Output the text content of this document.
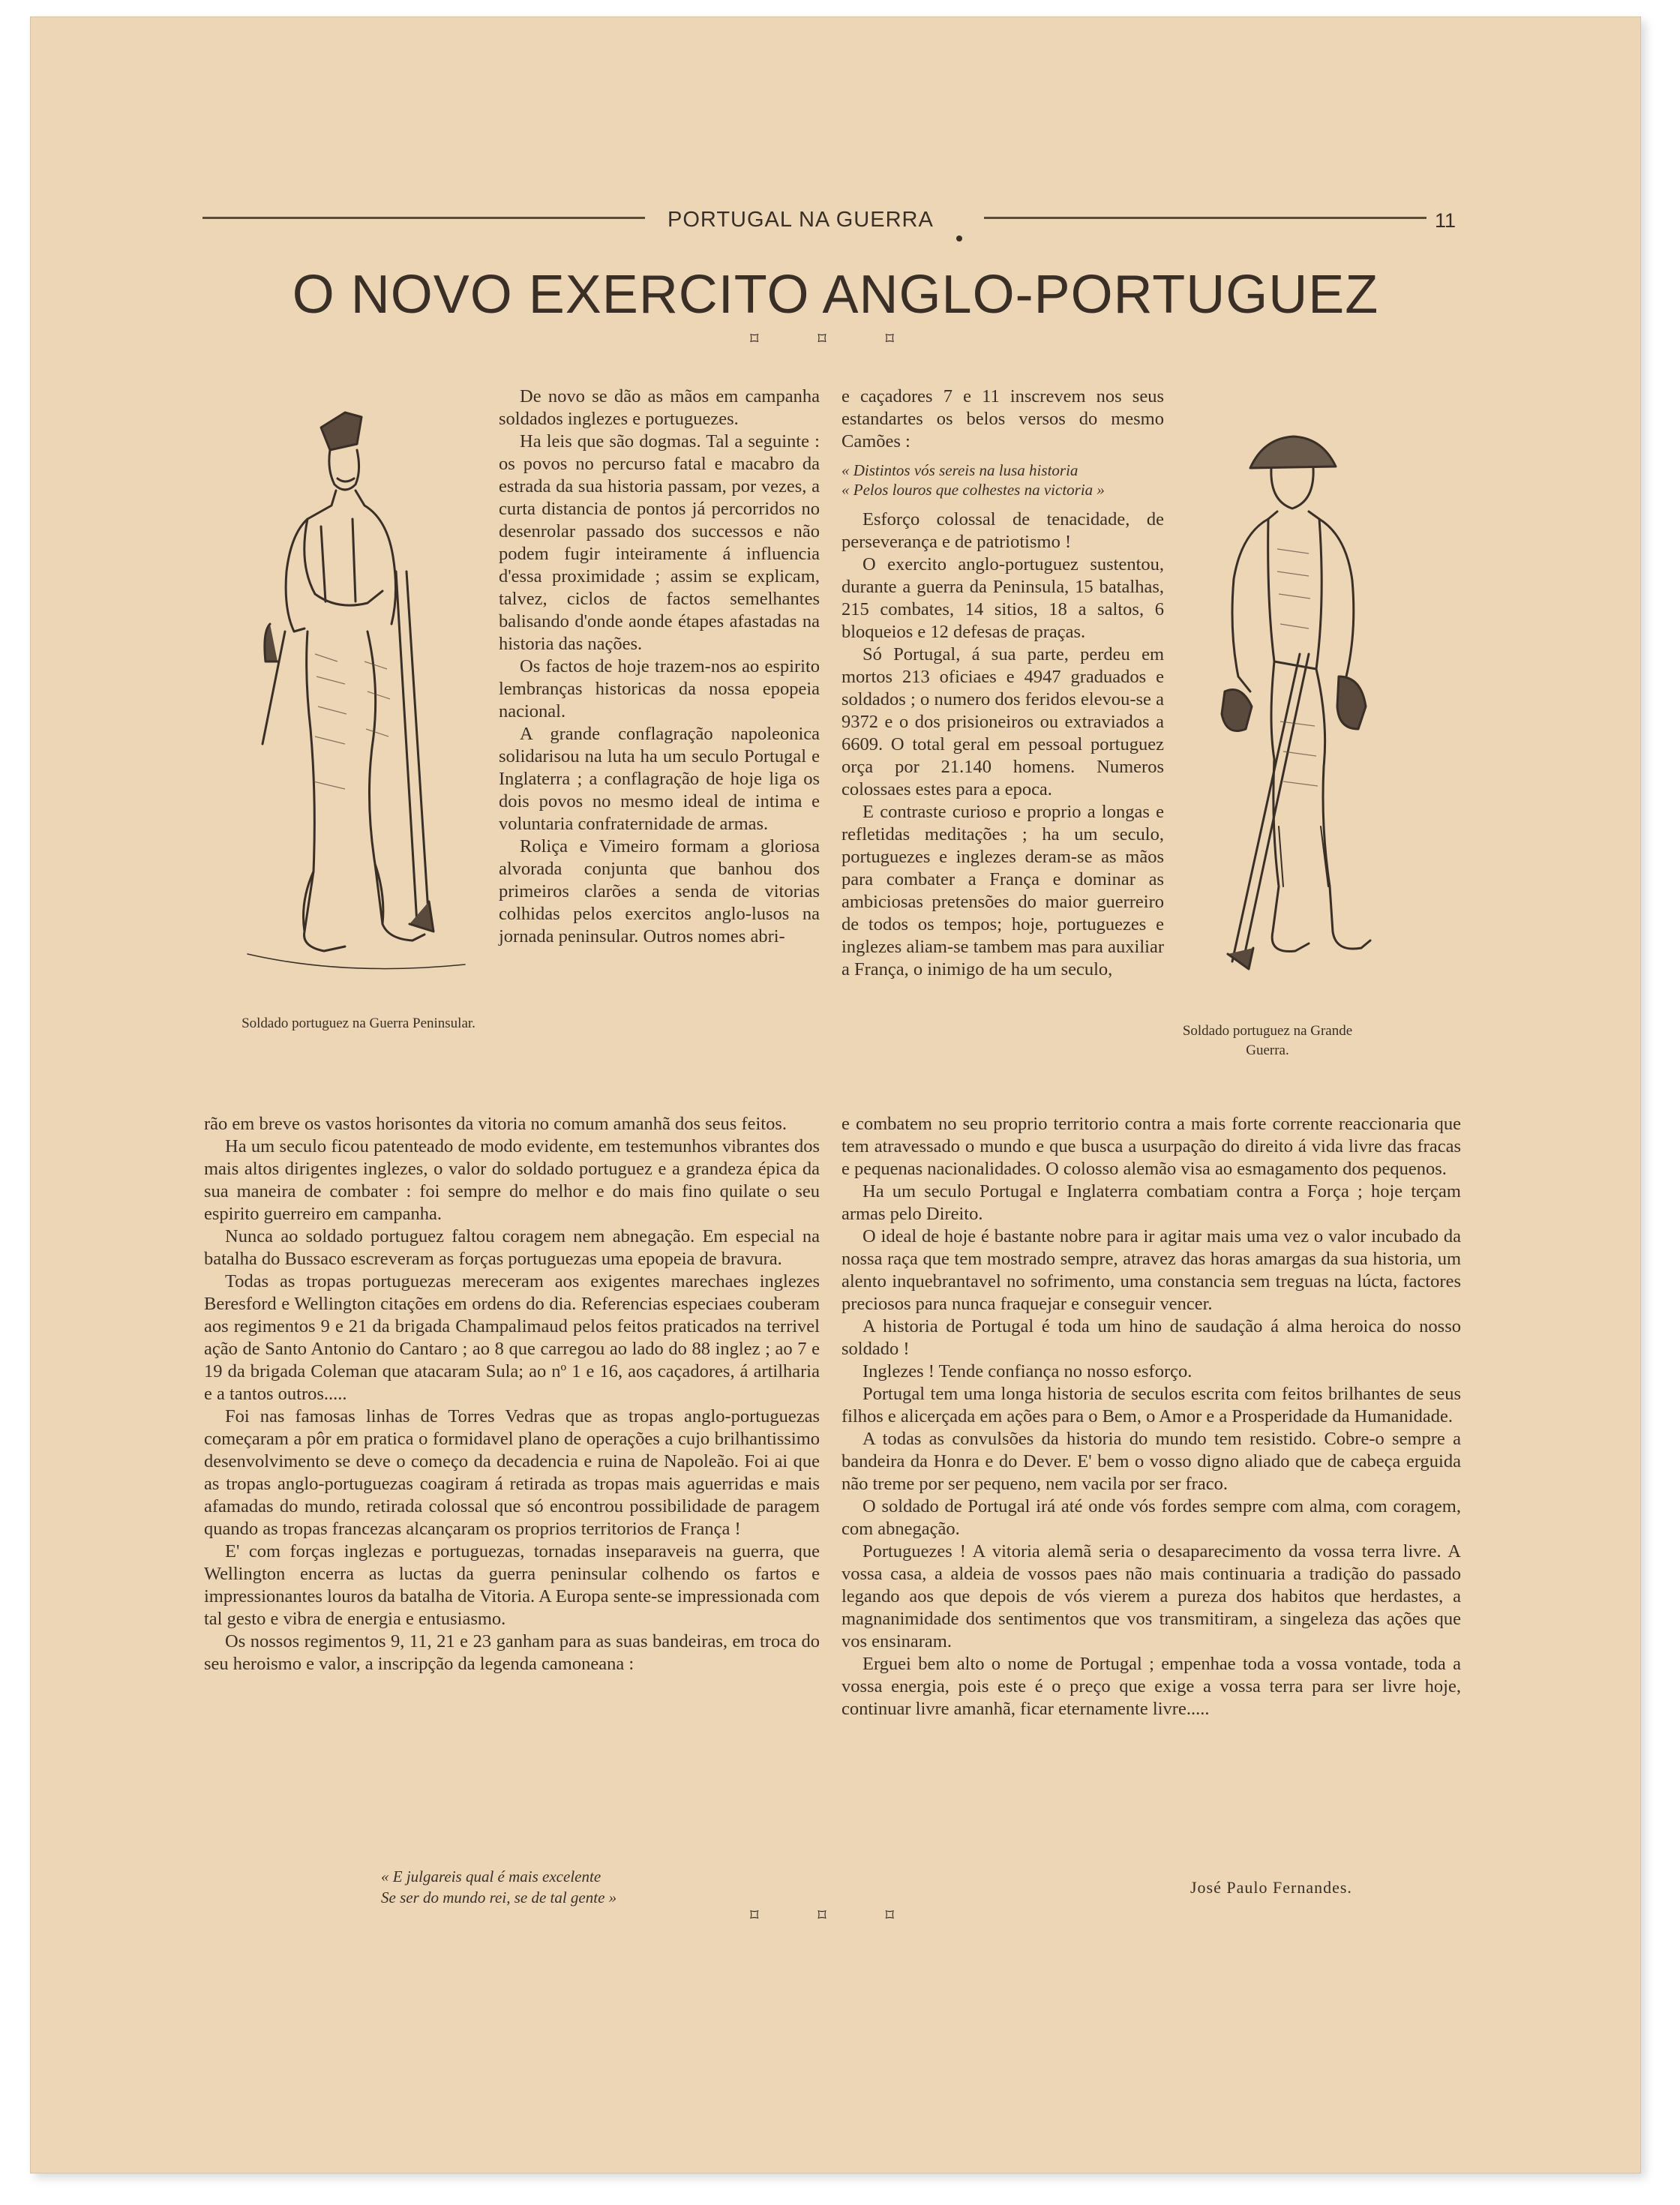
PORTUGAL NA GUERRA	11
O NOVO EXERCITO ANGLO-PORTUGUEZ
⌑ ⌑ ⌑
Soldado portuguez na Guerra Peninsular.	Soldado portuguez na Grande Guerra.

De novo se dão as mãos em campanha soldados inglezes e portuguezes.

Ha leis que são dogmas. Tal a seguinte : os povos no percurso fatal e macabro da estrada da sua historia passam, por vezes, a curta distancia de pontos já percorridos no desenrolar passado dos successos e não podem fugir inteiramente á influencia d'essa proximidade ; assim se explicam, talvez, ciclos de factos semelhantes balisando d'onde aonde étapes afastadas na historia das nações.

Os factos de hoje trazem-nos ao espirito lembranças historicas da nossa epopeia nacional.

A grande conflagração napoleonica solidarisou na luta ha um seculo Portugal e Inglaterra ; a conflagração de hoje liga os dois povos no mesmo ideal de intima e voluntaria confraternidade de armas.

Roliça e Vimeiro formam a gloriosa alvorada conjunta que banhou dos primeiros clarões a senda de vitorias colhidas pelos exercitos anglo-lusos na jornada peninsular. Outros nomes abri-

rão em breve os vastos horisontes da vitoria no comum amanhã dos seus feitos.

Ha um seculo ficou patenteado de modo evidente, em testemunhos vibrantes dos mais altos dirigentes inglezes, o valor do soldado portuguez e a grandeza épica da sua maneira de combater : foi sempre do melhor e do mais fino quilate o seu espirito guerreiro em campanha.

Nunca ao soldado portuguez faltou coragem nem abnegação. Em especial na batalha do Bussaco escreveram as forças portuguezas uma epopeia de bravura.

Todas as tropas portuguezas mereceram aos exigentes marechaes inglezes Beresford e Wellington citações em ordens do dia. Referencias especiaes couberam aos regimentos 9 e 21 da brigada Champalimaud pelos feitos praticados na terrivel ação de Santo Antonio do Cantaro ; ao 8 que carregou ao lado do 88 inglez ; ao 7 e 19 da brigada Coleman que atacaram Sula; ao nº 1 e 16, aos caçadores, á artilharia e a tantos outros.....

Foi nas famosas linhas de Torres Vedras que as tropas anglo-portuguezas começaram a pôr em pratica o formidavel plano de operações a cujo brilhantissimo desenvolvimento se deve o começo da decadencia e ruina de Napoleão. Foi ai que as tropas anglo-portuguezas coagiram á retirada as tropas mais aguerridas e mais afamadas do mundo, retirada colossal que só encontrou possibilidade de paragem quando as tropas francezas alcançaram os proprios territorios de França !

E' com forças inglezas e portuguezas, tornadas inseparaveis na guerra, que Wellington encerra as luctas da guerra peninsular colhendo os fartos e impressionantes louros da batalha de Vitoria. A Europa sente-se impressionada com tal gesto e vibra de energia e entusiasmo.

Os nossos regimentos 9, 11, 21 e 23 ganham para as suas bandeiras, em troca do seu heroismo e valor, a inscripção da legenda camoneana :

« E julgareis qual é mais excelente
Se ser do mundo rei, se de tal gente »

e caçadores 7 e 11 inscrevem nos seus estandartes os belos versos do mesmo Camões :

« Distintos vós sereis na lusa historia

« Pelos louros que colhestes na victoria »

Esforço colossal de tenacidade, de perseverança e de patriotismo !

O exercito anglo-portuguez sustentou, durante a guerra da Peninsula, 15 batalhas, 215 combates, 14 sitios, 18 a saltos, 6 bloqueios e 12 defesas de praças.

Só Portugal, á sua parte, perdeu em mortos 213 oficiaes e 4947 graduados e soldados ; o numero dos feridos elevou-se a 9372 e o dos prisioneiros ou extraviados a 6609. O total geral em pessoal portuguez orça por 21.140 homens. Numeros colossaes estes para a epoca.

E contraste curioso e proprio a longas e refletidas meditações ; ha um seculo, portuguezes e inglezes deram-se as mãos para combater a França e dominar as ambiciosas pretensões do maior guerreiro de todos os tempos; hoje, portuguezes e inglezes aliam-se tambem mas para auxiliar a França, o inimigo de ha um seculo,

e combatem no seu proprio territorio contra a mais forte corrente reaccionaria que tem atravessado o mundo e que busca a usurpação do direito á vida livre das fracas e pequenas nacionalidades. O colosso alemão visa ao esmagamento dos pequenos.

Ha um seculo Portugal e Inglaterra combatiam contra a Força ; hoje terçam armas pelo Direito.

O ideal de hoje é bastante nobre para ir agitar mais uma vez o valor incubado da nossa raça que tem mostrado sempre, atravez das horas amargas da sua historia, um alento inquebrantavel no sofrimento, uma constancia sem treguas na lúcta, factores preciosos para nunca fraquejar e conseguir vencer.

A historia de Portugal é toda um hino de saudação á alma heroica do nosso soldado !

Inglezes ! Tende confiança no nosso esforço.

Portugal tem uma longa historia de seculos escrita com feitos brilhantes de seus filhos e alicerçada em ações para o Bem, o Amor e a Prosperidade da Humanidade.

A todas as convulsões da historia do mundo tem resistido. Cobre-o sempre a bandeira da Honra e do Dever. E' bem o vosso digno aliado que de cabeça erguida não treme por ser pequeno, nem vacila por ser fraco.

O soldado de Portugal irá até onde vós fordes sempre com alma, com coragem, com abnegação.

Portuguezes ! A vitoria alemã seria o desaparecimento da vossa terra livre. A vossa casa, a aldeia de vossos paes não mais continuaria a tradição do passado legando aos que depois de vós vierem a pureza dos habitos que herdastes, a magnanimidade dos sentimentos que vos transmitiram, a singeleza das ações que vos ensinaram.

Erguei bem alto o nome de Portugal ; empenhae toda a vossa vontade, toda a vossa energia, pois este é o preço que exige a vossa terra para ser livre hoje, continuar livre amanhã, ficar eternamente livre.....

José Paulo Fernandes.
⌑ ⌑ ⌑
